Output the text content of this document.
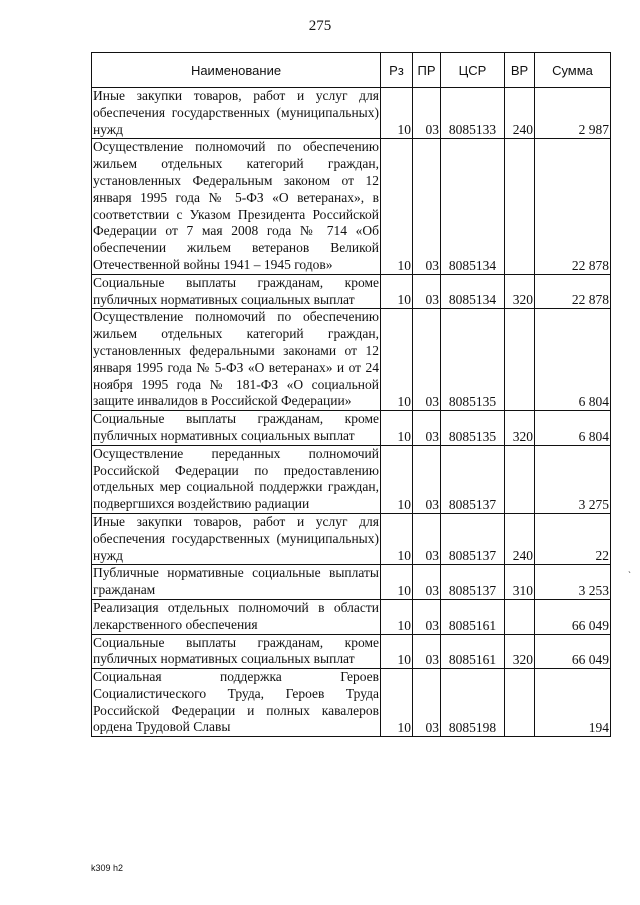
275
Наименование	Рз	ПР	ЦСР	ВР	Сумма
Иные закупки товаров, работ и услуг для обеспечения государственных (муниципальных) нужд	10	03	8085133	240	2 987
Осуществление полномочий по обеспечению жильем отдельных категорий граждан, установленных Федеральным законом от 12 января 1995 года № 5-ФЗ «О ветеранах», в соответствии с Указом Президента Российской Федерации от 7 мая 2008 года № 714 «Об обеспечении жильем ветеранов Великой Отечественной войны 1941 – 1945 годов»	10	03	8085134		22 878
Социальные выплаты гражданам, кроме публичных нормативных социальных выплат	10	03	8085134	320	22 878
Осуществление полномочий по обеспечению жильем отдельных категорий граждан, установленных федеральными законами от 12 января 1995 года № 5-ФЗ «О ветеранах» и от 24 ноября 1995 года № 181-ФЗ «О социальной защите инвалидов в Российской Федерации»	10	03	8085135		6 804
Социальные выплаты гражданам, кроме публичных нормативных социальных выплат	10	03	8085135	320	6 804
Осуществление переданных полномочий Российской Федерации по предоставлению отдельных мер социальной поддержки граждан, подвергшихся воздействию радиации	10	03	8085137		3 275
Иные закупки товаров, работ и услуг для обеспечения государственных (муниципальных) нужд	10	03	8085137	240	22
Публичные нормативные социальные выплаты гражданам	10	03	8085137	310	3 253
Реализация отдельных полномочий в области лекарственного обеспечения	10	03	8085161		66 049
Социальные выплаты гражданам, кроме публичных нормативных социальных выплат	10	03	8085161	320	66 049
Социальная поддержка Героев Социалистического Труда, Героев Труда Российской Федерации и полных кавалеров ордена Трудовой Славы	10	03	8085198		194
`
k309 h2
